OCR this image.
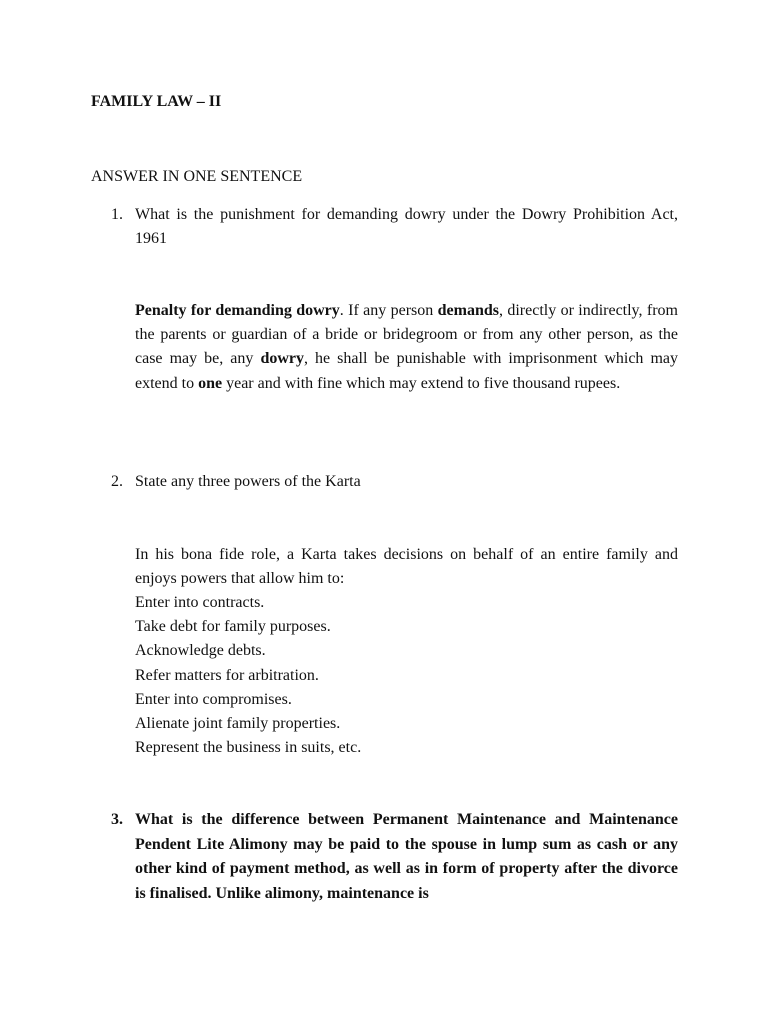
FAMILY LAW – II

ANSWER IN ONE SENTENCE

1. What is the punishment for demanding dowry under the Dowry Prohibition Act, 1961

Penalty for demanding dowry. If any person demands, directly or indirectly, from the parents or guardian of a bride or bridegroom or from any other person, as the case may be, any dowry, he shall be punishable with imprisonment which may extend to one year and with fine which may extend to five thousand rupees.

2. State any three powers of the Karta

In his bona fide role, a Karta takes decisions on behalf of an entire family and enjoys powers that allow him to:

Enter into contracts.
Take debt for family purposes.
Acknowledge debts.
Refer matters for arbitration.
Enter into compromises.
Alienate joint family properties.
Represent the business in suits, etc.
3. What is the difference between Permanent Maintenance and Maintenance Pendent Lite Alimony may be paid to the spouse in lump sum as cash or any other kind of payment method, as well as in form of property after the divorce is finalised. Unlike alimony, maintenance is
